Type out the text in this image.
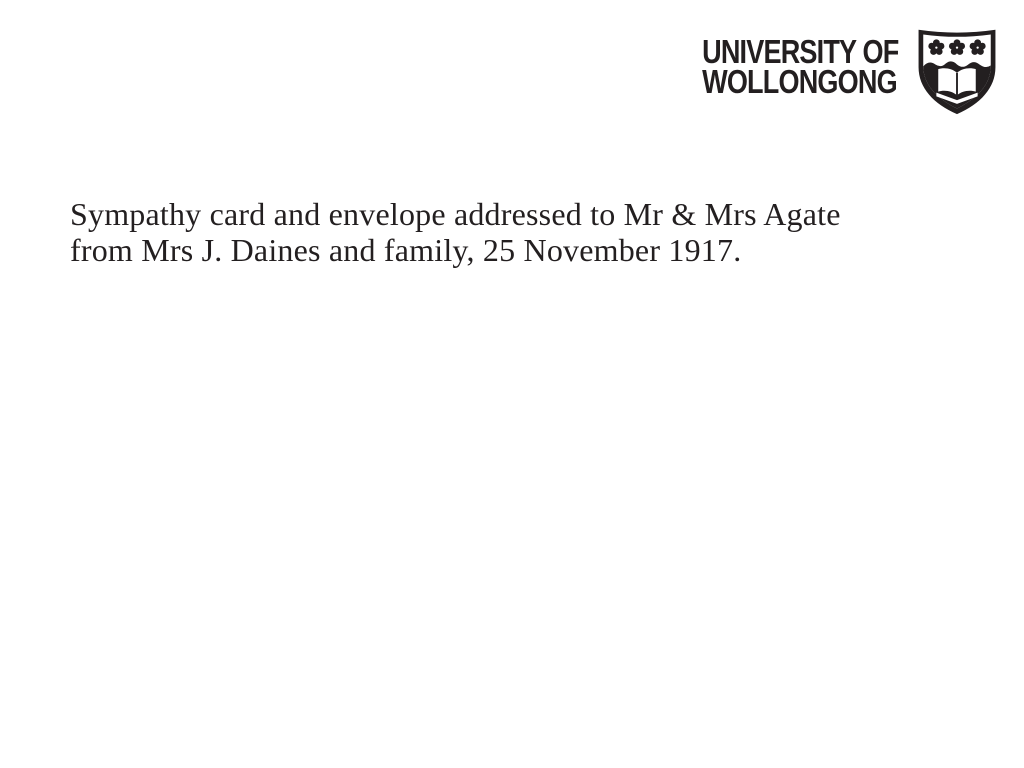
UNIVERSITY OF
WOLLONGONG
Sympathy card and envelope addressed to Mr & Mrs Agate
from Mrs J. Daines and family, 25 November 1917.
